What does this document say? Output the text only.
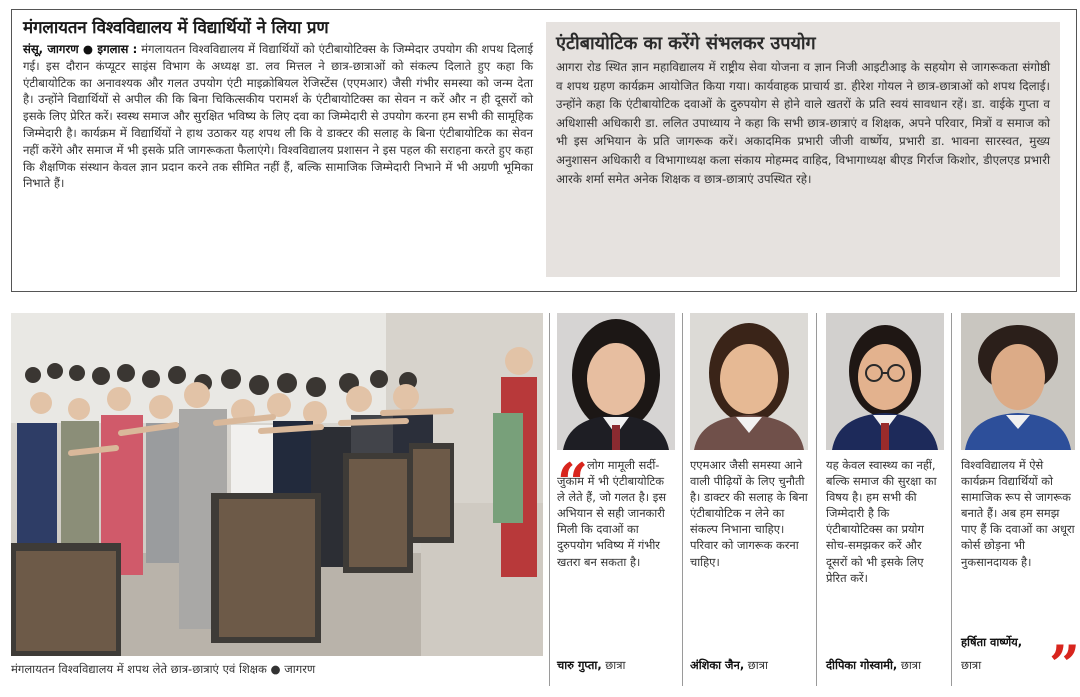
मंगलायतन विश्वविद्यालय में विद्यार्थियों ने लिया प्रण

संसू, जागरण ● इगलास : मंगलायतन विश्वविद्यालय में विद्यार्थियों को एंटीबायोटिक्स के जिम्मेदार उपयोग की शपथ दिलाई गई। इस दौरान कंप्यूटर साइंस विभाग के अध्यक्ष डा. लव मित्तल ने छात्र-छात्राओं को संकल्प दिलाते हुए कहा कि एंटीबायोटिक का अनावश्यक और गलत उपयोग एंटी माइक्रोबियल रेजिस्टेंस (एएमआर) जैसी गंभीर समस्या को जन्म देता है। उन्होंने विद्यार्थियों से अपील की कि बिना चिकित्सकीय परामर्श के एंटीबायोटिक्स का सेवन न करें और न ही दूसरों को इसके लिए प्रेरित करें। स्वस्थ समाज और सुरक्षित भविष्य के लिए दवा का जिम्मेदारी से उपयोग करना हम सभी की सामूहिक जिम्मेदारी है। कार्यक्रम में विद्यार्थियों ने हाथ उठाकर यह शपथ ली कि वे डाक्टर की सलाह के बिना एंटीबायोटिक का सेवन नहीं करेंगे और समाज में भी इसके प्रति जागरूकता फैलाएंगे। विश्वविद्यालय प्रशासन ने इस पहल की सराहना करते हुए कहा कि शैक्षणिक संस्थान केवल ज्ञान प्रदान करने तक सीमित नहीं हैं, बल्कि सामाजिक जिम्मेदारी निभाने में भी अग्रणी भूमिका निभाते हैं।

एंटीबायोटिक का करेंगे संभलकर उपयोग

आगरा रोड स्थित ज्ञान महाविद्यालय में राष्ट्रीय सेवा योजना व ज्ञान निजी आइटीआइ के सहयोग से जागरूकता संगोष्ठी व शपथ ग्रहण कार्यक्रम आयोजित किया गया। कार्यवाहक प्राचार्य डा. हीरेश गोयल ने छात्र-छात्राओं को शपथ दिलाई। उन्होंने कहा कि एंटीबायोटिक दवाओं के दुरुपयोग से होने वाले खतरों के प्रति स्वयं सावधान रहें। डा. वाईके गुप्ता व अधिशासी अधिकारी डा. ललित उपाध्याय ने कहा कि सभी छात्र-छात्राएं व शिक्षक, अपने परिवार, मित्रों व समाज को भी इस अभियान के प्रति जागरूक करें। अकादमिक प्रभारी जीजी वार्ष्णेय, प्रभारी डा. भावना सारस्वत, मुख्य अनुशासन अधिकारी व विभागाध्यक्ष कला संकाय मोहम्मद वाहिद, विभागाध्यक्ष बीएड गिर्राज किशोर, डीएलएड प्रभारी आरके शर्मा समेत अनेक शिक्षक व छात्र-छात्राएं उपस्थित रहे।

मंगलायतन विश्वविद्यालय में शपथ लेते छात्र-छात्राएं एवं शिक्षक ● जागरण
“

लोग मामूली सर्दी-जुकाम में भी एंटीबायोटिक ले लेते हैं, जो गलत है। इस अभियान से सही जानकारी मिली कि दवाओं का दुरुपयोग भविष्य में गंभीर खतरा बन सकता है।

चारु गुप्ता, छात्रा

एएमआर जैसी समस्या आने वाली पीढ़ियों के लिए चुनौती है। डाक्टर की सलाह के बिना एंटीबायोटिक न लेने का संकल्प निभाना चाहिए। परिवार को जागरूक करना चाहिए।

अंशिका जैन, छात्रा

यह केवल स्वास्थ्य का नहीं, बल्कि समाज की सुरक्षा का विषय है। हम सभी की जिम्मेदारी है कि एंटीबायोटिक्स का प्रयोग सोच-समझकर करें और दूसरों को भी इसके लिए प्रेरित करें।

दीपिका गोस्वामी, छात्रा

विश्वविद्यालय में ऐसे कार्यक्रम विद्यार्थियों को सामाजिक रूप से जागरूक बनाते हैं। अब हम समझ पाए हैं कि दवाओं का अधूरा कोर्स छोड़ना भी नुकसानदायक है।

हर्षिता वार्ष्णेय,
छात्रा ”
